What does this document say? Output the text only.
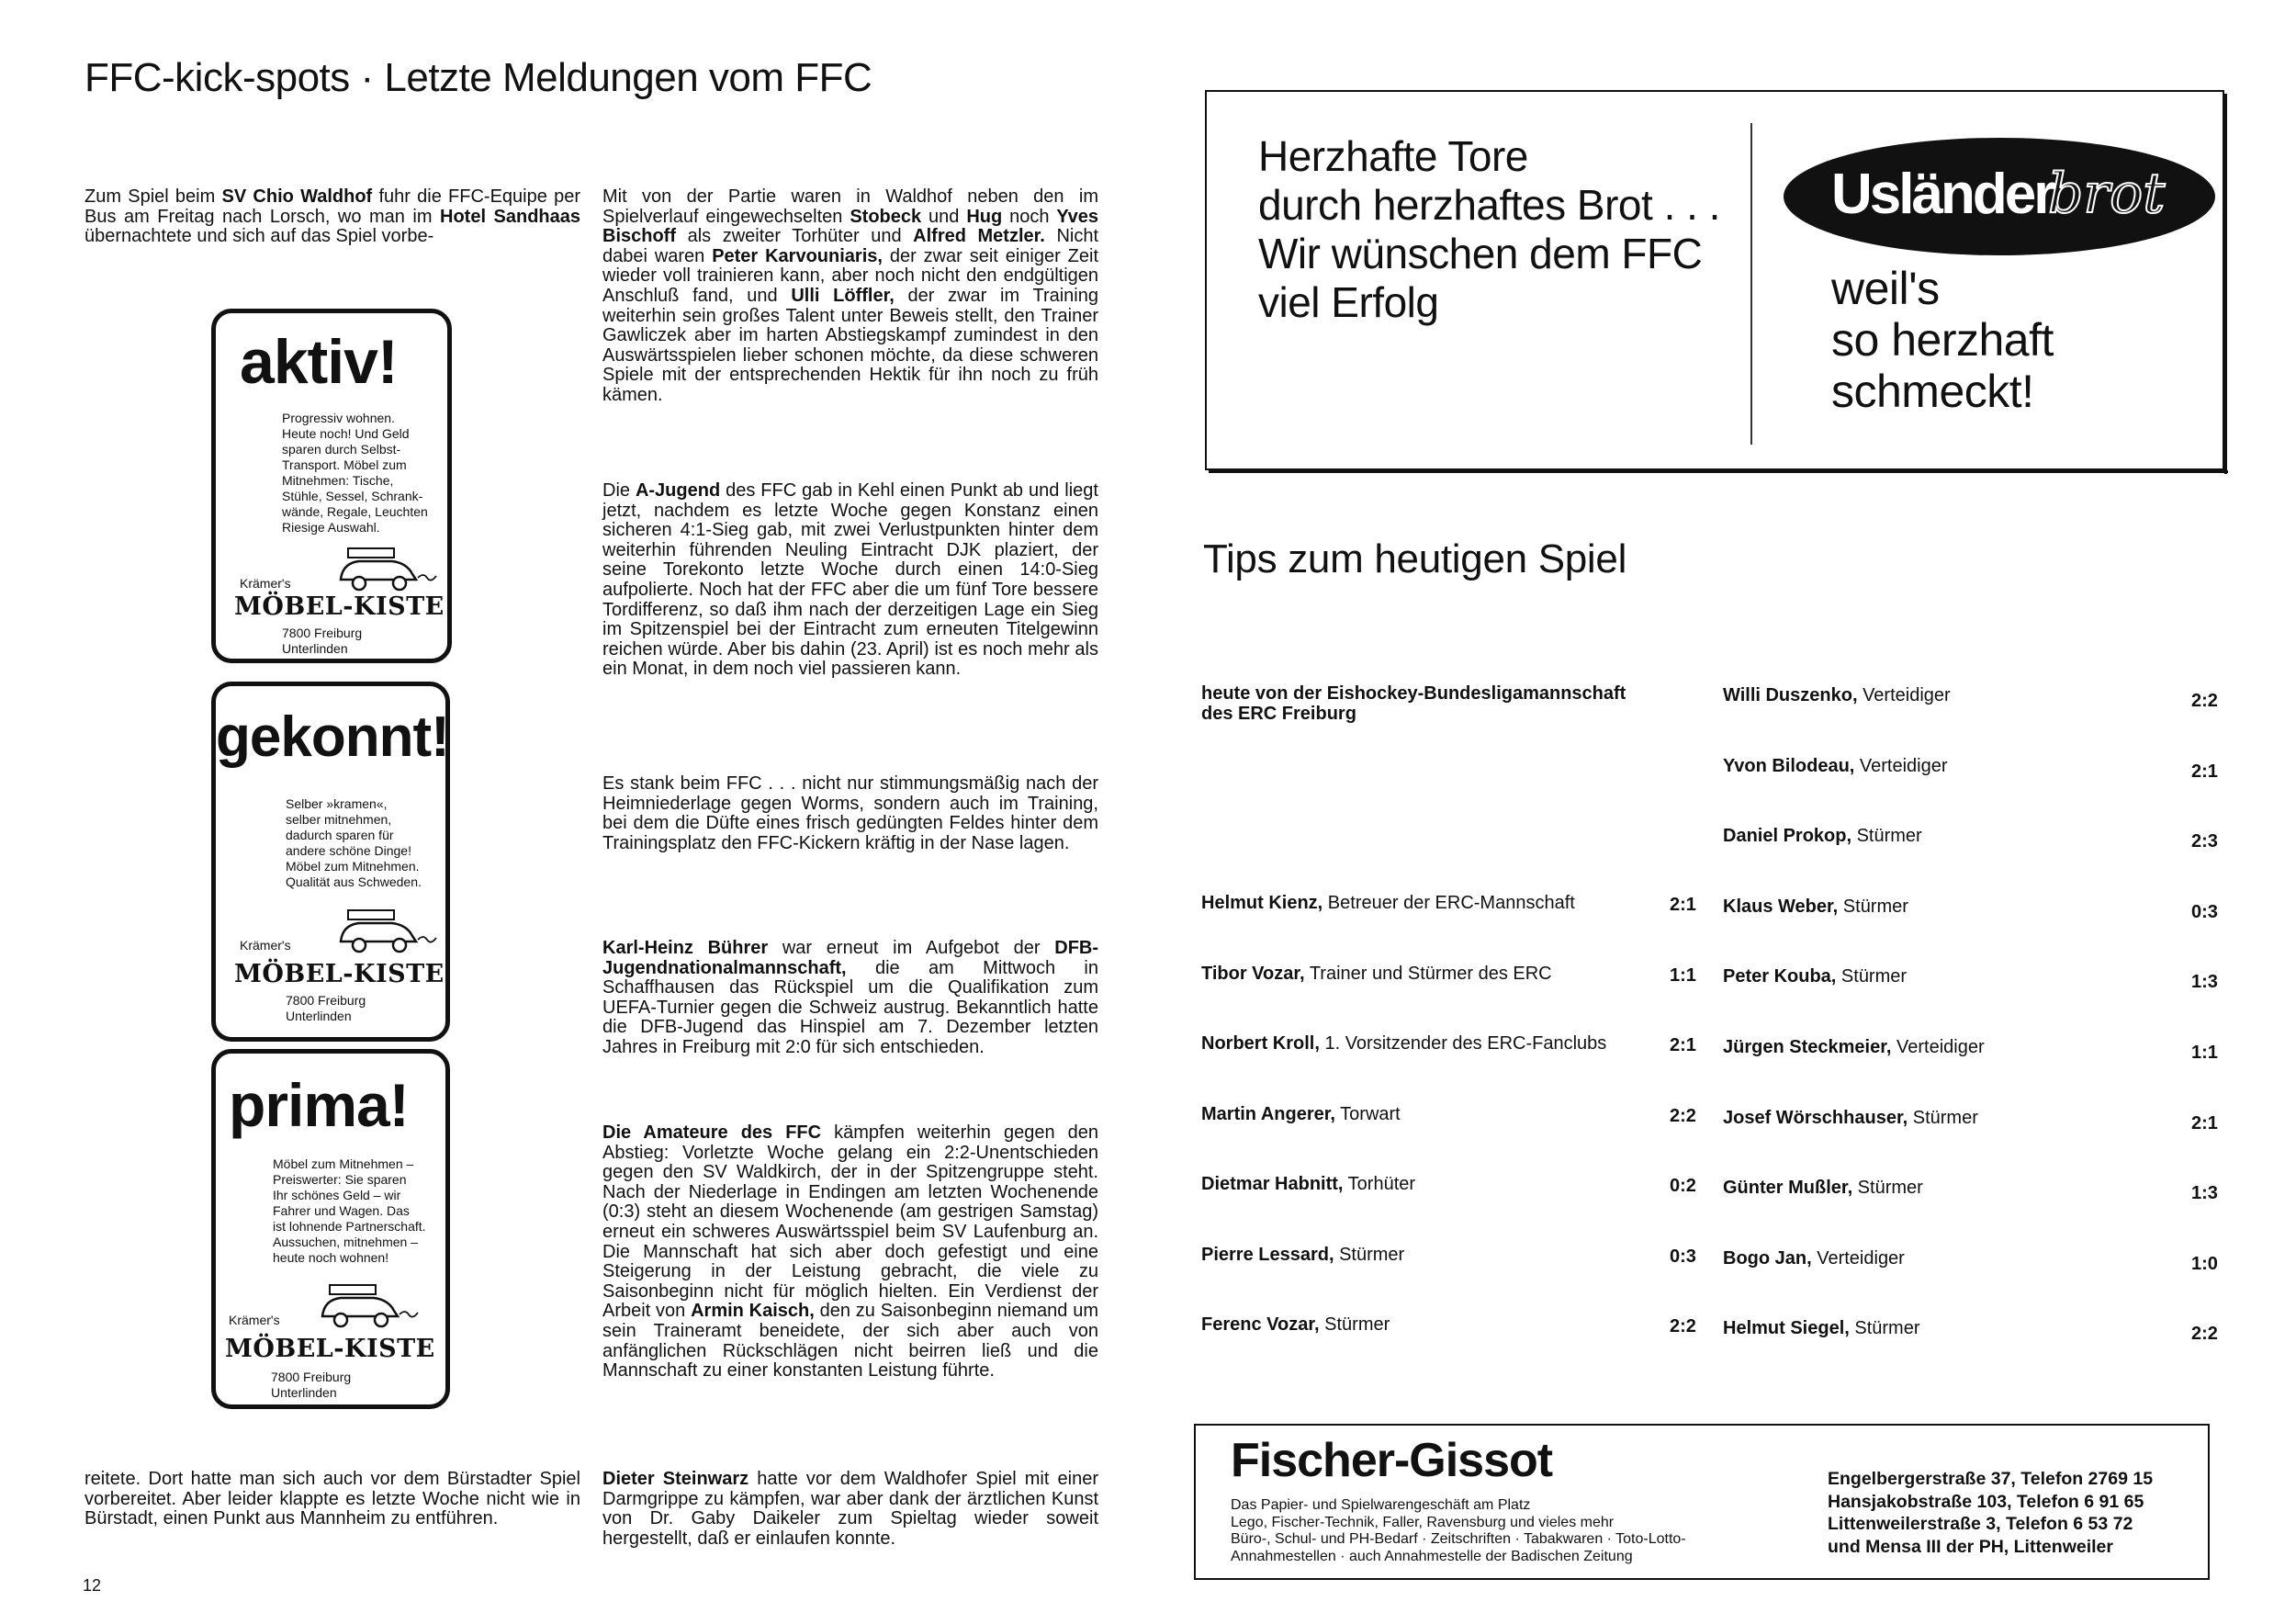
FFC-kick-spots · Letzte Meldungen vom FFC

Zum Spiel beim SV Chio Waldhof fuhr die FFC-Equipe per Bus am Freitag nach Lorsch, wo man im Hotel Sandhaas übernachtete und sich auf das Spiel vorbe-

reitete. Dort hatte man sich auch vor dem Bürstadter Spiel vorbereitet. Aber leider klappte es letzte Woche nicht wie in Bürstadt, einen Punkt aus Mannheim zu entführen.

aktiv!
Progressiv wohnen.
Heute noch! Und Geld
sparen durch Selbst-
Transport. Möbel zum
Mitnehmen: Tische,
Stühle, Sessel, Schrank-
wände, Regale, Leuchten
Riesige Auswahl.
Krämer's
MÖBEL-KISTE
7800 Freiburg
Unterlinden
gekonnt!
Selber »kramen«,
selber mitnehmen,
dadurch sparen für
andere schöne Dinge!
Möbel zum Mitnehmen.
Qualität aus Schweden.
Krämer's
MÖBEL-KISTE
7800 Freiburg
Unterlinden
prima!
Möbel zum Mitnehmen –
Preiswerter: Sie sparen
Ihr schönes Geld – wir
Fahrer und Wagen. Das
ist lohnende Partnerschaft.
Aussuchen, mitnehmen –
heute noch wohnen!
Krämer's
MÖBEL-KISTE
7800 Freiburg
Unterlinden

Mit von der Partie waren in Waldhof neben den im Spielverlauf eingewechselten Stobeck und Hug noch Yves Bischoff als zweiter Torhüter und Alfred Metzler. Nicht dabei waren Peter Karvouniaris, der zwar seit einiger Zeit wieder voll trainieren kann, aber noch nicht den endgültigen Anschluß fand, und Ulli Löffler, der zwar im Training weiterhin sein großes Talent unter Beweis stellt, den Trainer Gawliczek aber im harten Abstiegskampf zumindest in den Auswärtsspielen lieber schonen möchte, da diese schweren Spiele mit der entsprechenden Hektik für ihn noch zu früh kämen.

Die A-Jugend des FFC gab in Kehl einen Punkt ab und liegt jetzt, nachdem es letzte Woche gegen Konstanz einen sicheren 4:1-Sieg gab, mit zwei Verlustpunkten hinter dem weiterhin führenden Neuling Eintracht DJK plaziert, der seine Torekonto letzte Woche durch einen 14:0-Sieg aufpolierte. Noch hat der FFC aber die um fünf Tore bessere Tordifferenz, so daß ihm nach der derzeitigen Lage ein Sieg im Spitzenspiel bei der Eintracht zum erneuten Titelgewinn reichen würde. Aber bis dahin (23. April) ist es noch mehr als ein Monat, in dem noch viel passieren kann.

Es stank beim FFC . . . nicht nur stimmungsmäßig nach der Heimniederlage gegen Worms, sondern auch im Training, bei dem die Düfte eines frisch gedüngten Feldes hinter dem Trainingsplatz den FFC-Kickern kräftig in der Nase lagen.

Karl-Heinz Bührer war erneut im Aufgebot der DFB-Jugendnationalmannschaft, die am Mittwoch in Schaffhausen das Rückspiel um die Qualifikation zum UEFA-Turnier gegen die Schweiz austrug. Bekanntlich hatte die DFB-Jugend das Hinspiel am 7. Dezember letzten Jahres in Freiburg mit 2:0 für sich entschieden.

Die Amateure des FFC kämpfen weiterhin gegen den Abstieg: Vorletzte Woche gelang ein 2:2-Unentschieden gegen den SV Waldkirch, der in der Spitzengruppe steht. Nach der Niederlage in Endingen am letzten Wochenende (0:3) steht an diesem Wochenende (am gestrigen Samstag) erneut ein schweres Auswärtsspiel beim SV Laufenburg an. Die Mannschaft hat sich aber doch gefestigt und eine Steigerung in der Leistung gebracht, die viele zu Saisonbeginn nicht für möglich hielten. Ein Verdienst der Arbeit von Armin Kaisch, den zu Saisonbeginn niemand um sein Traineramt beneidete, der sich aber auch von anfänglichen Rückschlägen nicht beirren ließ und die Mannschaft zu einer konstanten Leistung führte.

Dieter Steinwarz hatte vor dem Waldhofer Spiel mit einer Darmgrippe zu kämpfen, war aber dank der ärztlichen Kunst von Dr. Gaby Daikeler zum Spieltag wieder soweit hergestellt, daß er einlaufen konnte.

12
Herzhafte Tore
durch herzhaftes Brot . . .
Wir wünschen dem FFC
viel Erfolg
Usländer
brot
weil's
so herzhaft
schmeckt!
Tips zum heutigen Spiel
heute von der Eishockey-Bundesligamannschaft
des ERC Freiburg
Helmut Kienz, Betreuer der ERC-Mannschaft	2:1
Tibor Vozar, Trainer und Stürmer des ERC	1:1
Norbert Kroll, 1. Vorsitzender des ERC-Fanclubs	2:1
Martin Angerer, Torwart	2:2
Dietmar Habnitt, Torhüter	0:2
Pierre Lessard, Stürmer	0:3
Ferenc Vozar, Stürmer	2:2
Willi Duszenko, Verteidiger	2:2
Yvon Bilodeau, Verteidiger	2:1
Daniel Prokop, Stürmer	2:3
Klaus Weber, Stürmer	0:3
Peter Kouba, Stürmer	1:3
Jürgen Steckmeier, Verteidiger	1:1
Josef Wörschhauser, Stürmer	2:1
Günter Mußler, Stürmer	1:3
Bogo Jan, Verteidiger	1:0
Helmut Siegel, Stürmer	2:2
Fischer-Gissot
Das Papier- und Spielwarengeschäft am Platz
Lego, Fischer-Technik, Faller, Ravensburg und vieles mehr
Büro-, Schul- und PH-Bedarf · Zeitschriften · Tabakwaren · Toto-Lotto-
Annahmestellen · auch Annahmestelle der Badischen Zeitung
Engelbergerstraße 37, Telefon 2769 15
Hansjakobstraße 103, Telefon 6 91 65
Littenweilerstraße 3, Telefon 6 53 72
und Mensa III der PH, Littenweiler
